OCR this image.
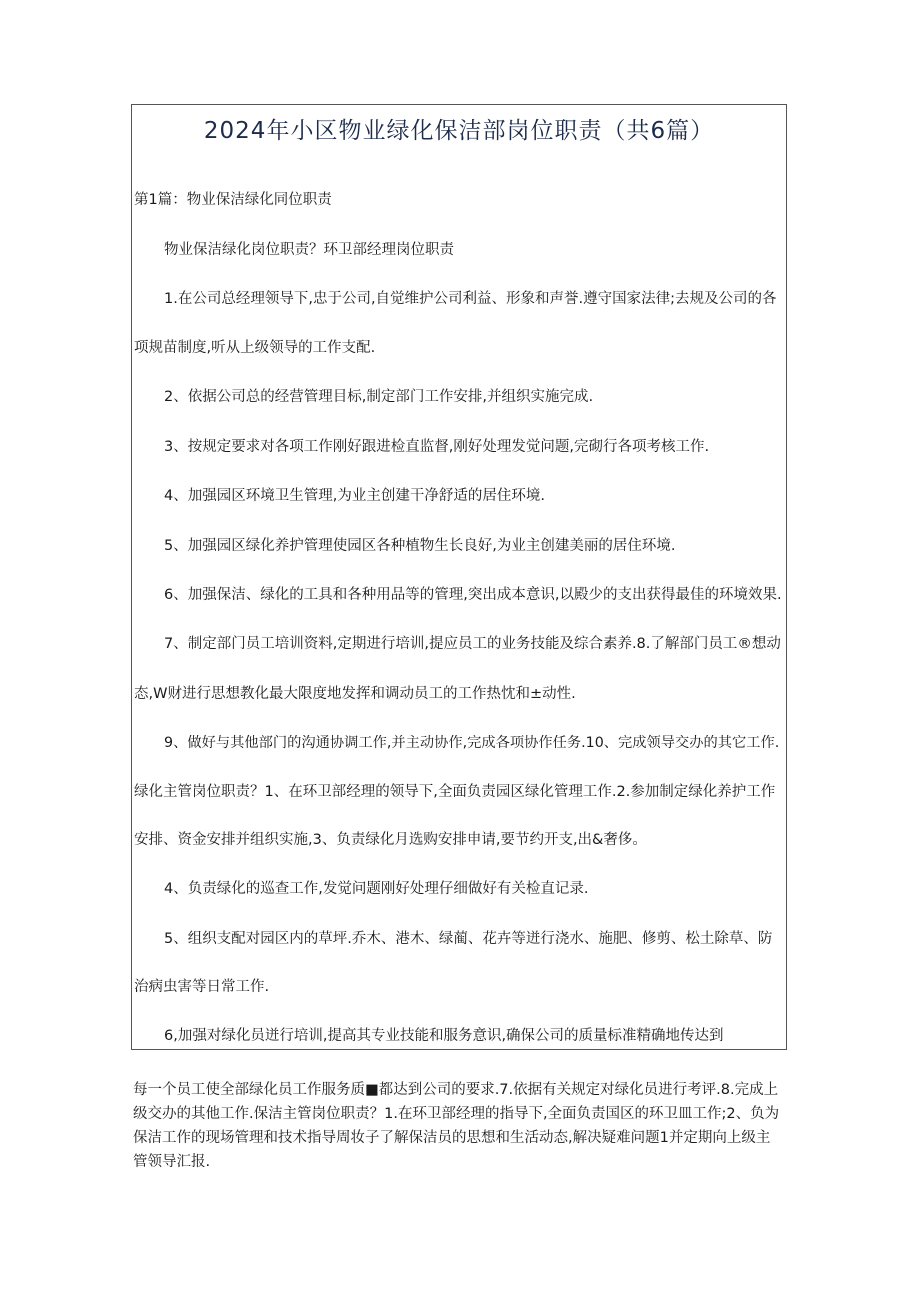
2024年小区物业绿化保洁部岗位职责（共6篇）
第1篇：物业保洁绿化同位职责
物业保洁绿化岗位职责？环卫部经理岗位职责
1.在公司总经理领导下,忠于公司,自觉维护公司利益、形象和声誉.遵守国家法律;去规及公司的各
项规苗制度,听从上级领导的工作支配.
2、依据公司总的经营管理目标,制定部门工作安排,并组织实施完成.
3、按规定要求对各项工作刚好跟进检直监督,刚好处理发觉问题,完砌行各项考核工作.
4、加强园区环境卫生管理,为业主创建干净舒适的居住环境.
5、加强园区绿化养护管理使园区各种植物生长良好,为业主创建美丽的居住环境.
6、加强保洁、绿化的工具和各种用品等的管理,突出成本意识,以殿少的支出获得最佳的环境效果.
7、制定部门员工培训资料,定期进行培训,提应员工的业务技能及综合素养.8.了解部门员工®想动
态,W财进行思想教化最大限度地发挥和调动员工的工作热忱和±动性.
9、做好与其他部门的沟通协调工作,并主动协作,完成各项协作任务.10、完成领导交办的其它工作.
绿化主管岗位职责？1、在环卫部经理的领导下,全面负责园区绿化管理工作.2.参加制定绿化养护工作
安排、资金安排并组织实施,3、负责绿化月选购安排申请,要节约开支,出&奢侈。
4、负责绿化的巡查工作,发觉问题刚好处理仔细做好有关检直记录.
5、组织支配对园区内的草坪.乔木、港木、绿蔺、花卉等迸行浇水、施肥、修剪、松土除草、防
治病虫害等日常工作.
6,加强对绿化员迸行培训,提高其专业技能和服务意识,确保公司的质量标准精确地传达到
每一个员工使全部绿化员工作服务质■都达到公司的要求.7.依据有关规定对绿化员进行考评.8.完成上
级交办的其他工作.保洁主管岗位职责？1.在环卫部经理的指导下,全面负责国区的环卫皿工作;2、负为
保洁工作的现场管理和技术指导周妆子了解保洁员的思想和生活动态,解决疑难问题1并定期向上级主
管领导汇报.
